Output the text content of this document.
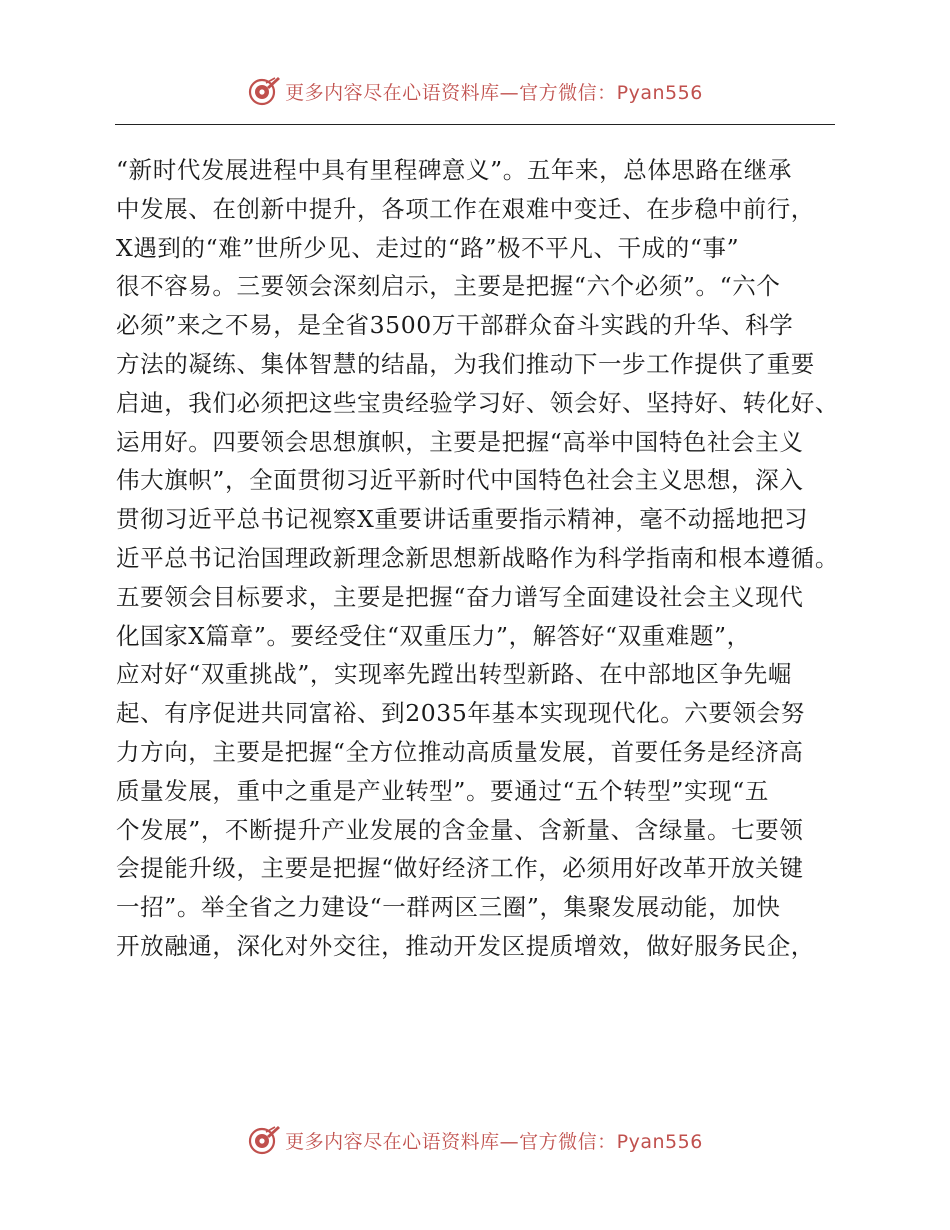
更多内容尽在心语资料库—官方微信：Pyan556
“新时代发展进程中具有里程碑意义”。五年来，总体思路在继承
中发展、在创新中提升，各项工作在艰难中变迁、在步稳中前行，
X遇到的“难”世所少见、走过的“路”极不平凡、干成的“事”
很不容易。三要领会深刻启示，主要是把握“六个必须”。“六个
必须”来之不易，是全省3500万干部群众奋斗实践的升华、科学
方法的凝练、集体智慧的结晶，为我们推动下一步工作提供了重要
启迪，我们必须把这些宝贵经验学习好、领会好、坚持好、转化好、
运用好。四要领会思想旗帜，主要是把握“高举中国特色社会主义
伟大旗帜”，全面贯彻习近平新时代中国特色社会主义思想，深入
贯彻习近平总书记视察X重要讲话重要指示精神，毫不动摇地把习
近平总书记治国理政新理念新思想新战略作为科学指南和根本遵循。
五要领会目标要求，主要是把握“奋力谱写全面建设社会主义现代
化国家X篇章”。要经受住“双重压力”，解答好“双重难题”，
应对好“双重挑战”，实现率先蹚出转型新路、在中部地区争先崛
起、有序促进共同富裕、到2035年基本实现现代化。六要领会努
力方向，主要是把握“全方位推动高质量发展，首要任务是经济高
质量发展，重中之重是产业转型”。要通过“五个转型”实现“五
个发展”，不断提升产业发展的含金量、含新量、含绿量。七要领
会提能升级，主要是把握“做好经济工作，必须用好改革开放关键
一招”。举全省之力建设“一群两区三圈”，集聚发展动能，加快
开放融通，深化对外交往，推动开发区提质增效，做好服务民企，
更多内容尽在心语资料库—官方微信：Pyan556
